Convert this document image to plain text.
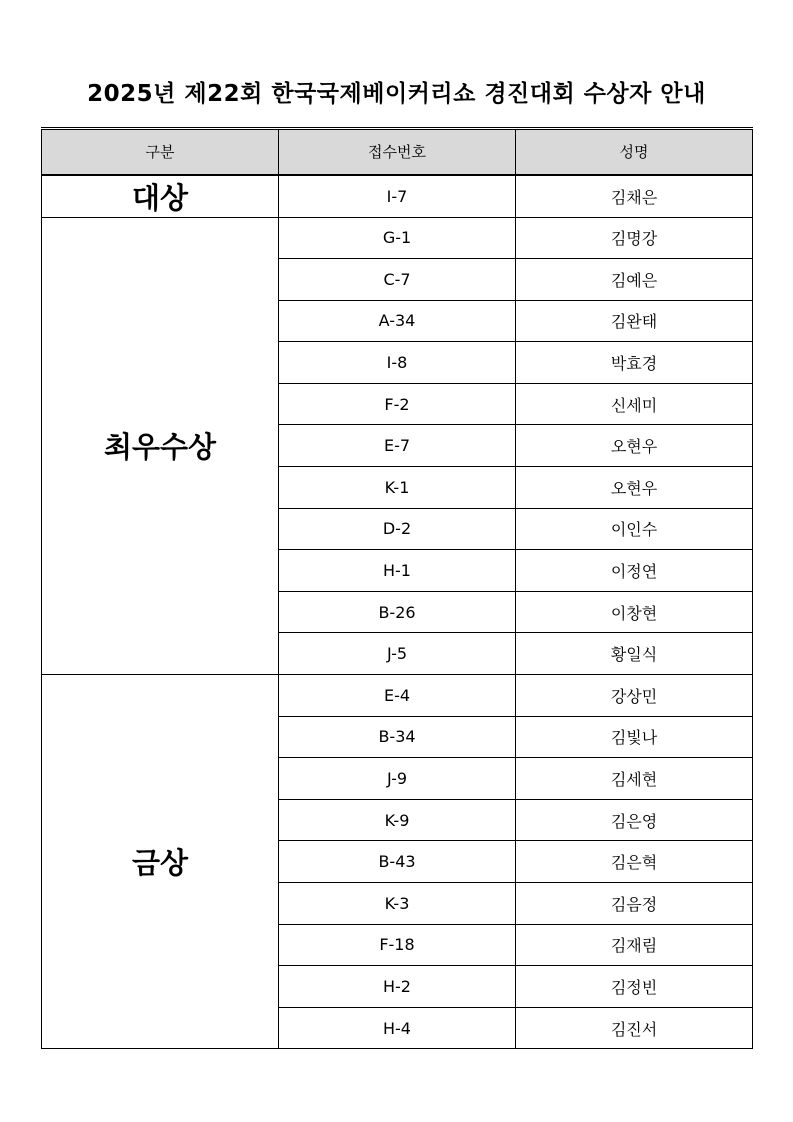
2025년 제22회 한국국제베이커리쇼 경진대회 수상자 안내
구분	접수번호	성명
대상	I-7	김채은
최우수상	G-1	김명강
	C-7	김예은
	A-34	김완태
	I-8	박효경
	F-2	신세미
	E-7	오현우
	K-1	오현우
	D-2	이인수
	H-1	이정연
	B-26	이창현
	J-5	황일식
금상	E-4	강상민
	B-34	김빛나
	J-9	김세현
	K-9	김은영
	B-43	김은혁
	K-3	김음정
	F-18	김재림
	H-2	김정빈
	H-4	김진서
